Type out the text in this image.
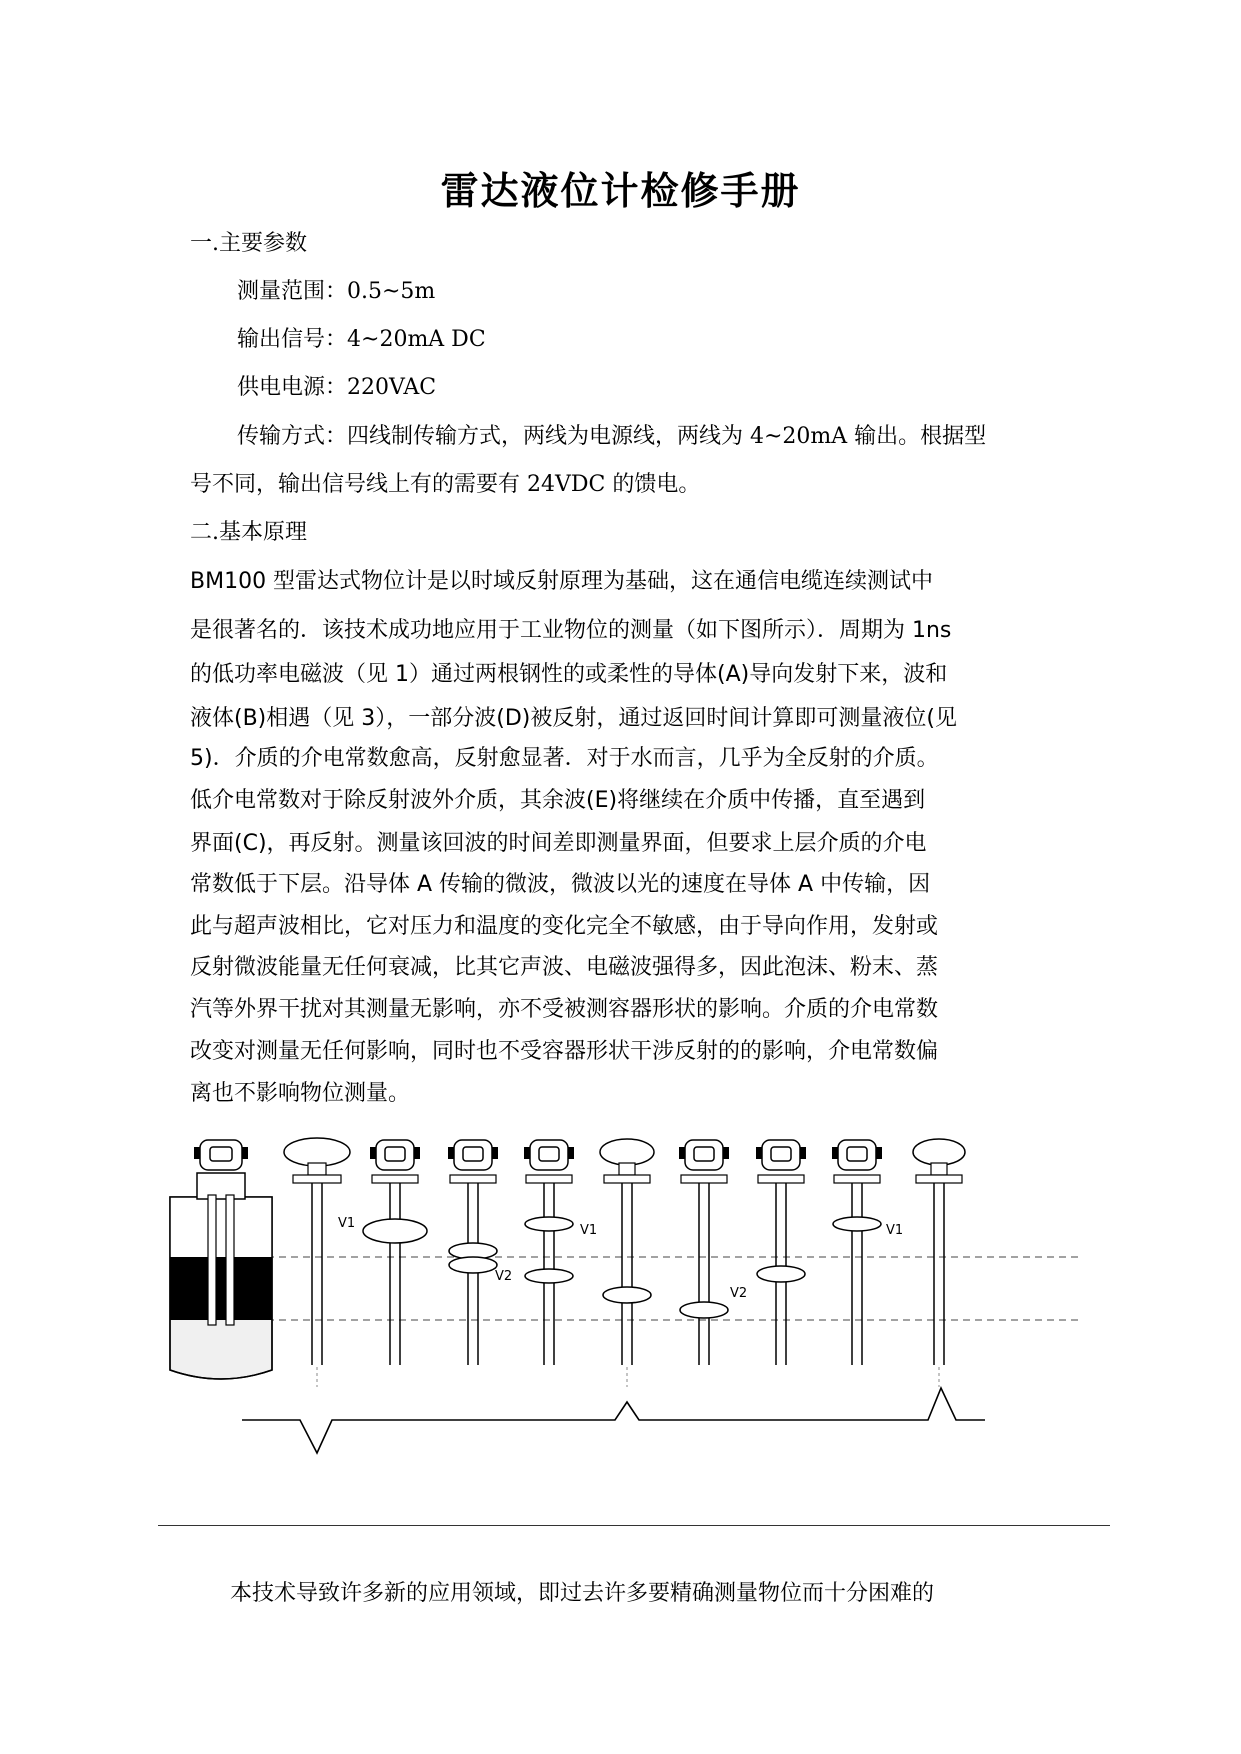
雷达液位计检修手册
一.主要参数
测量范围：0.5~5m
输出信号：4~20mA DC
供电电源：220VAC
传输方式：四线制传输方式，两线为电源线，两线为 4~20mA 输出。根据型
号不同，输出信号线上有的需要有 24VDC 的馈电。
二.基本原理
BM100 型雷达式物位计是以时域反射原理为基础，这在通信电缆连续测试中
是很著名的．该技术成功地应用于工业物位的测量（如下图所示）．周期为 1ns
的低功率电磁波（见 1）通过两根钢性的或柔性的导体(A)导向发射下来，波和
液体(B)相遇（见 3），一部分波(D)被反射，通过返回时间计算即可测量液位(见
5)．介质的介电常数愈高，反射愈显著．对于水而言，几乎为全反射的介质。
低介电常数对于除反射波外介质，其余波(E)将继续在介质中传播，直至遇到
界面(C)，再反射。测量该回波的时间差即测量界面，但要求上层介质的介电
常数低于下层。沿导体 A 传输的微波，微波以光的速度在导体 A 中传输，因
此与超声波相比，它对压力和温度的变化完全不敏感，由于导向作用，发射或
反射微波能量无任何衰减，比其它声波、电磁波强得多，因此泡沫、粉末、蒸
汽等外界干扰对其测量无影响，亦不受被测容器形状的影响。介质的介电常数
改变对测量无任何影响，同时也不受容器形状干涉反射的的影响，介电常数偏
离也不影响物位测量。
V1
V2
V1
V2
V1
本技术导致许多新的应用领域，即过去许多要精确测量物位而十分困难的
